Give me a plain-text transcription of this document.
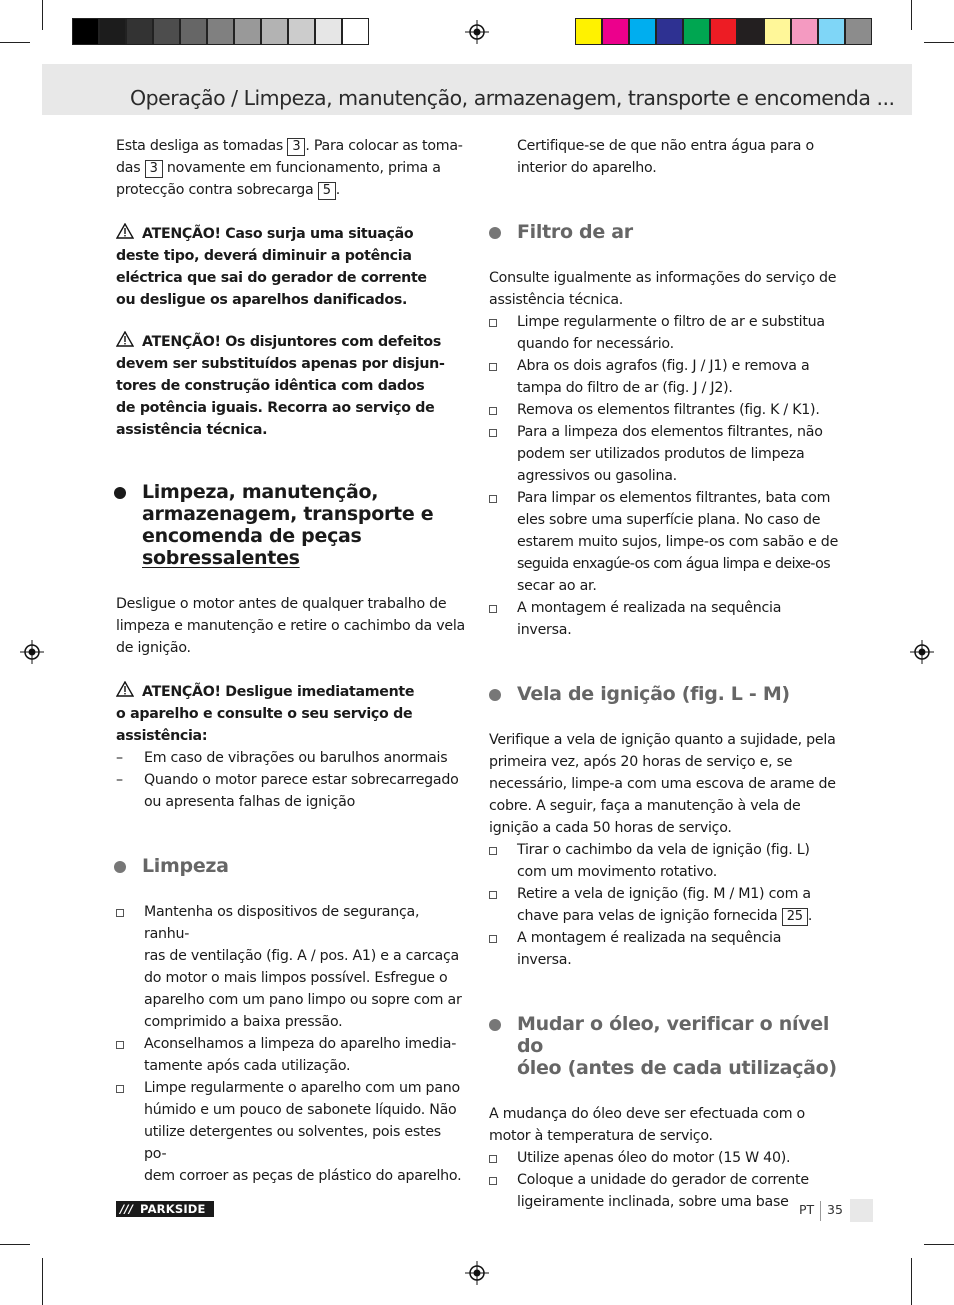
Operação / Limpeza, manutenção, armazenagem, transporte e encomenda ...

Esta desliga as tomadas 3 . Para colocar as toma-
das 3 novamente em funcionamento, prima a
protecção contra sobrecarga 5 .

ATENÇÃO! Caso surja uma situação
deste tipo, deverá diminuir a potência
eléctrica que sai do gerador de corrente
ou desligue os aparelhos danificados.
ATENÇÃO! Os disjuntores com defeitos
devem ser substituídos apenas por disjun-
tores de construção idêntica com dados
de potência iguais. Recorra ao serviço de
assistência técnica.
Limpeza, manutenção,
armazenagem, transporte e
encomenda de peças
sobressalentes
Desligue o motor antes de qualquer trabalho de
limpeza e manutenção e retire o cachimbo da vela
de ignição.
ATENÇÃO! Desligue imediatamente
o aparelho e consulte o seu serviço de
assistência:
– Em caso de vibrações ou barulhos anormais
– Quando o motor parece estar sobrecarregado
ou apresenta falhas de ignição
Limpeza
Mantenha os dispositivos de segurança, ranhu-
ras de ventilação (fig. A / pos. A1) e a carcaça
do motor o mais limpos possível. Esfregue o
aparelho com um pano limpo ou sopre com ar
comprimido a baixa pressão.
Aconselhamos a limpeza do aparelho imedia-
tamente após cada utilização.
Limpe regularmente o aparelho com um pano
húmido e um pouco de sabonete líquido. Não
utilize detergentes ou solventes, pois estes po-
dem corroer as peças de plástico do aparelho.
Certifique-se de que não entra água para o
interior do aparelho.
Filtro de ar
Consulte igualmente as informações do serviço de
assistência técnica.
Limpe regularmente o filtro de ar e substitua
quando for necessário.
Abra os dois agrafos (fig. J / J1) e remova a
tampa do filtro de ar (fig. J / J2).
Remova os elementos filtrantes (fig. K / K1).
Para a limpeza dos elementos filtrantes, não
podem ser utilizados produtos de limpeza
agressivos ou gasolina.
Para limpar os elementos filtrantes, bata com
eles sobre uma superfície plana. No caso de
estarem muito sujos, limpe-os com sabão e de
seguida enxagúe-os com água limpa e deixe-os
secar ao ar.
A montagem é realizada na sequência inversa.
Vela de ignição (fig. L - M)
Verifique a vela de ignição quanto a sujidade, pela
primeira vez, após 20 horas de serviço e, se
necessário, limpe-a com uma escova de arame de
cobre. A seguir, faça a manutenção à vela de
ignição a cada 50 horas de serviço.
Tirar o cachimbo da vela de ignição (fig. L)
com um movimento rotativo.
Retire a vela de ignição (fig. M / M1) com a
chave para velas de ignição fornecida 25 .
A montagem é realizada na sequência inversa.
Mudar o óleo, verificar o nível do
óleo (antes de cada utilização)
A mudança do óleo deve ser efectuada com o
motor à temperatura de serviço.
Utilize apenas óleo do motor (15 W 40).
Coloque a unidade do gerador de corrente
ligeiramente inclinada, sobre uma base
/// PARKSIDE	PT 35
